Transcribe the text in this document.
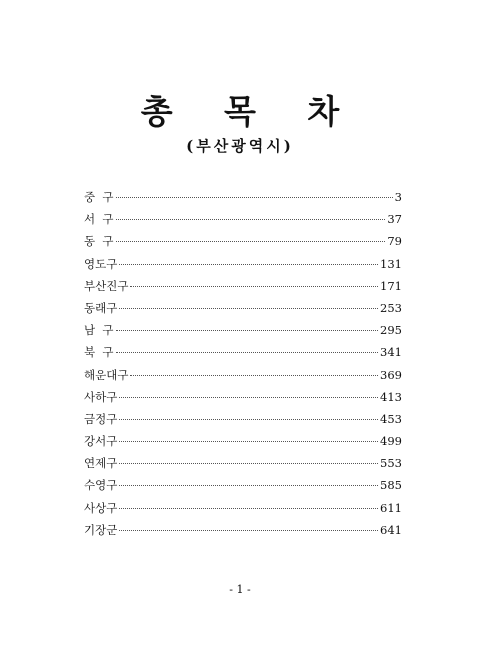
총 목 차
(부산광역시)
중  구	3
서  구	37
동  구	79
영도구	131
부산진구	171
동래구	253
남  구	295
북  구	341
해운대구	369
사하구	413
금정구	453
강서구	499
연제구	553
수영구	585
사상구	611
기장군	641
- 1 -
